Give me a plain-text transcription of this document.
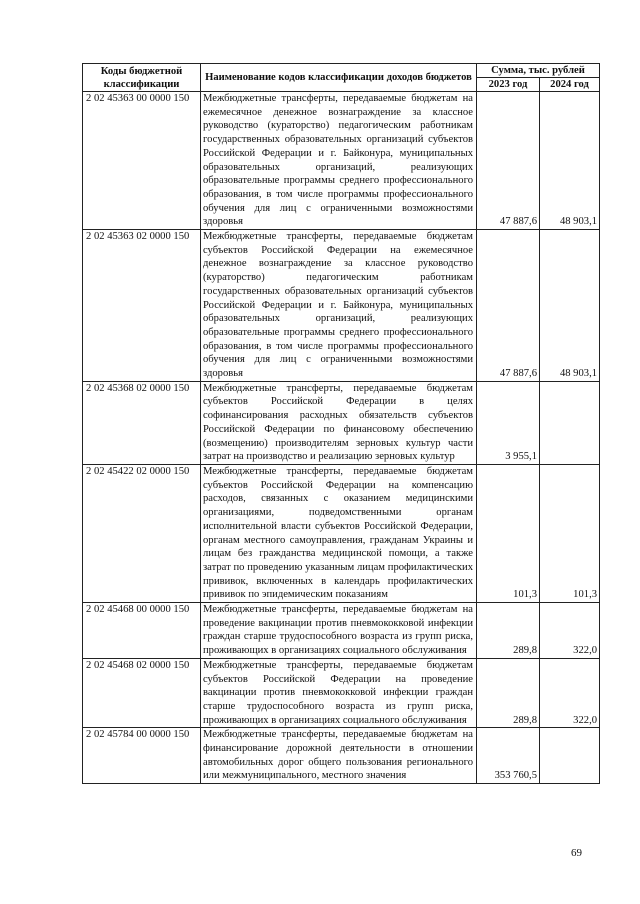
Коды бюджетной классификации	Наименование кодов классификации доходов бюджетов	Сумма, тыс. рублей	
		2023 год	2024 год
2 02 45363 00 0000 150	Межбюджетные трансферты, передаваемые бюджетам на ежемесячное денежное вознаграждение за классное руководство (кураторство) педагогическим работникам государственных образовательных организаций субъектов Российской Федерации и г. Байконура, муниципальных образовательных организаций, реализующих образовательные программы среднего профессионального образования, в том числе программы профессионального обучения для лиц с ограниченными возможностями здоровья	47 887,6	48 903,1
2 02 45363 02 0000 150	Межбюджетные трансферты, передаваемые бюджетам субъектов Российской Федерации на ежемесячное денежное вознаграждение за классное руководство (кураторство) педагогическим работникам государственных образовательных организаций субъектов Российской Федерации и г. Байконура, муниципальных образовательных организаций, реализующих образовательные программы среднего профессионального образования, в том числе программы профессионального обучения для лиц с ограниченными возможностями здоровья	47 887,6	48 903,1
2 02 45368 02 0000 150	Межбюджетные трансферты, передаваемые бюджетам субъектов Российской Федерации в целях софинансирования расходных обязательств субъектов Российской Федерации по финансовому обеспечению (возмещению) производителям зерновых культур части затрат на производство и реализацию зерновых культур	3 955,1	
2 02 45422 02 0000 150	Межбюджетные трансферты, передаваемые бюджетам субъектов Российской Федерации на компенсацию расходов, связанных с оказанием медицинскими организациями, подведомственными органам исполнительной власти субъектов Российской Федерации, органам местного самоуправления, гражданам Украины и лицам без гражданства медицинской помощи, а также затрат по проведению указанным лицам профилактических прививок, включенных в календарь профилактических прививок по эпидемическим показаниям	101,3	101,3
2 02 45468 00 0000 150	Межбюджетные трансферты, передаваемые бюджетам на проведение вакцинации против пневмококковой инфекции граждан старше трудоспособного возраста из групп риска, проживающих в организациях социального обслуживания	289,8	322,0
2 02 45468 02 0000 150	Межбюджетные трансферты, передаваемые бюджетам субъектов Российской Федерации на проведение вакцинации против пневмококковой инфекции граждан старше трудоспособного возраста из групп риска, проживающих в организациях социального обслуживания	289,8	322,0
2 02 45784 00 0000 150	Межбюджетные трансферты, передаваемые бюджетам на финансирование дорожной деятельности в отношении автомобильных дорог общего пользования регионального или межмуниципального, местного значения	353 760,5	
69
